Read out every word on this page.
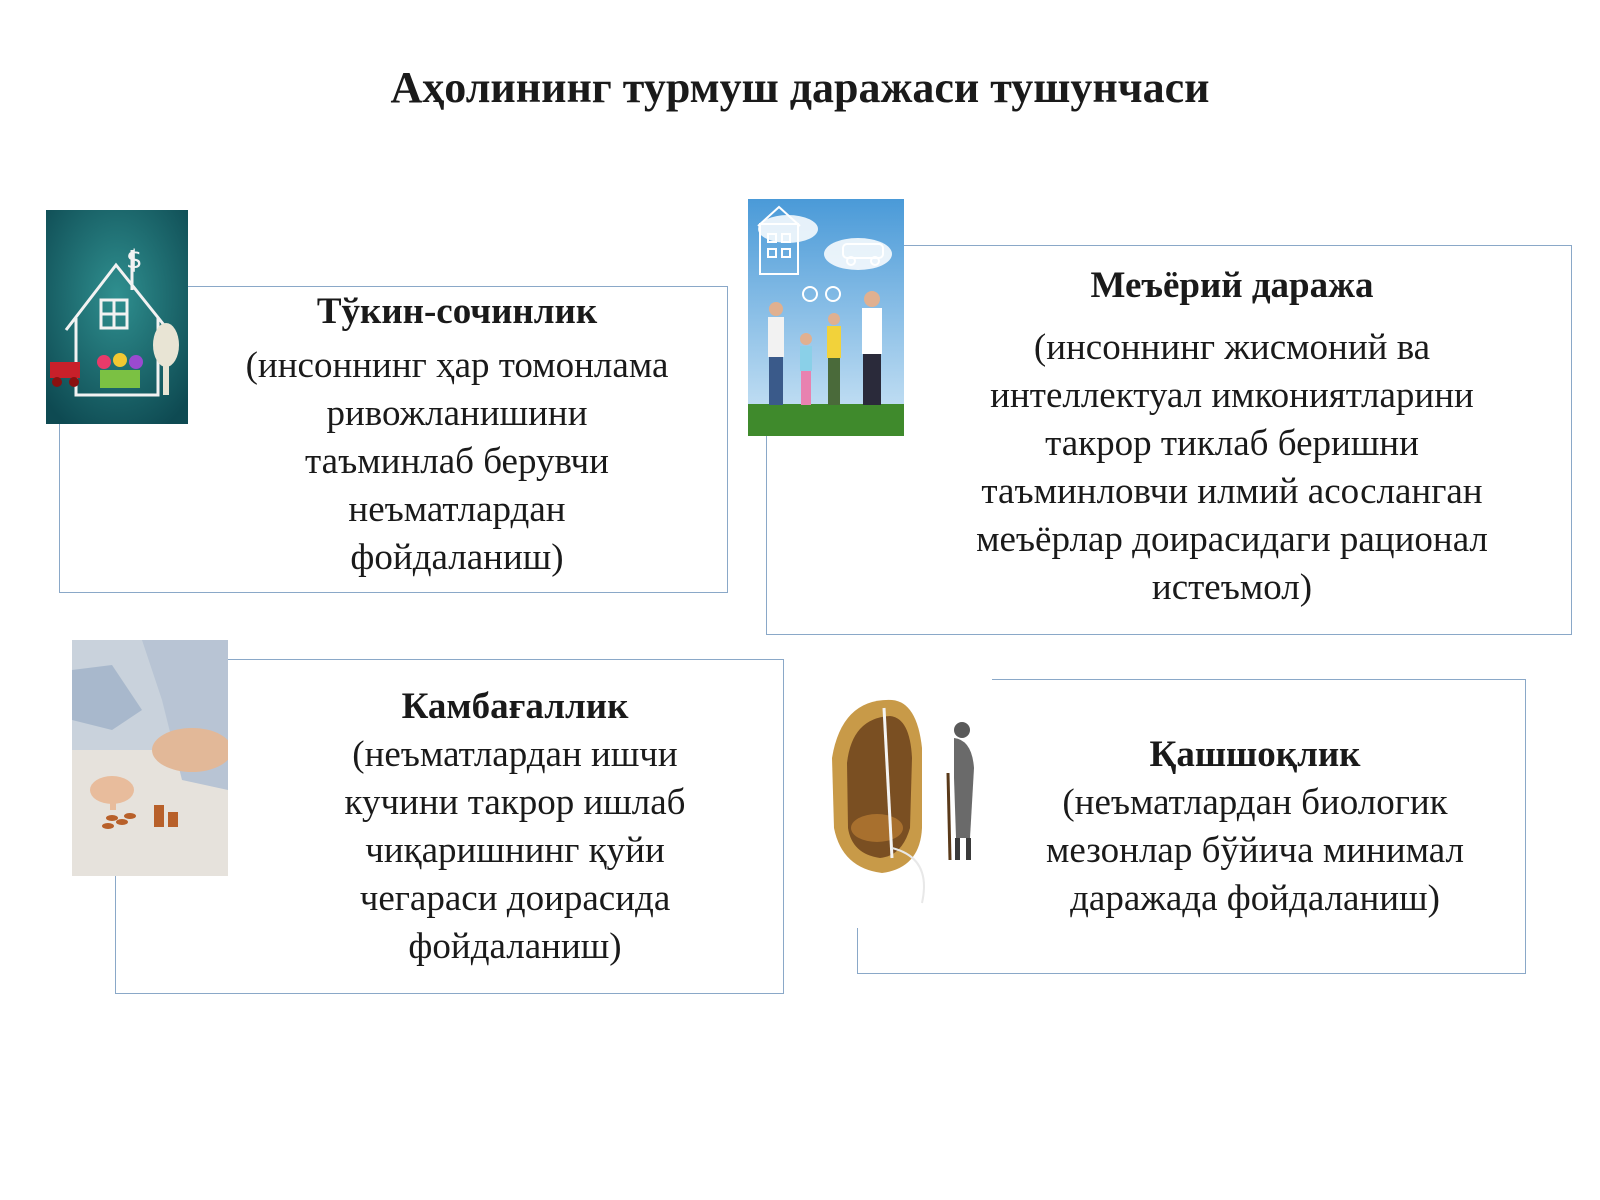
Аҳолининг турмуш даражаси тушунчаси
$
Тўкин-сочинлик
(инсоннинг ҳар томонлама
ривожланишини
таъминлаб берувчи
неъматлардан
фойдаланиш)
Меъёрий даража
(инсоннинг жисмоний ва
интеллектуал имкониятларини
такрор тиклаб беришни
таъминловчи илмий асосланган
меъёрлар доирасидаги рационал
истеъмол)
Камбағаллик
(неъматлардан ишчи
кучини такрор ишлаб
чиқаришнинг қуйи
чегараси доирасида
фойдаланиш)
Қашшоқлик
(неъматлардан биологик
мезонлар бўйича минимал
даражада фойдаланиш)
